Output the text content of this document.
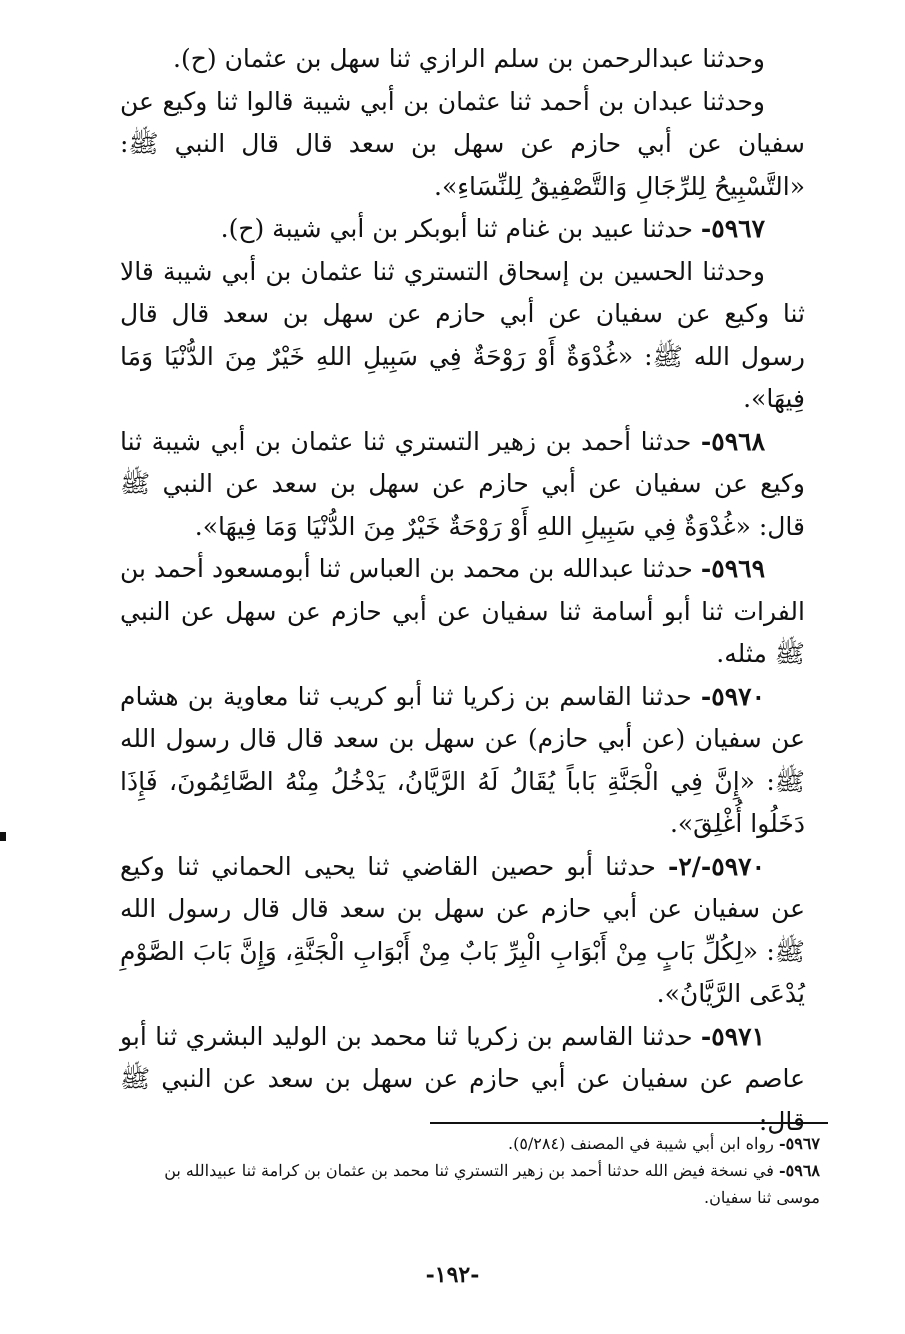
وحدثنا عبدالرحمن بن سلم الرازي ثنا سهل بن عثمان (ح).

وحدثنا عبدان بن أحمد ثنا عثمان بن أبي شيبة قالوا ثنا وكيع عن سفيان عن أبي حازم عن سهل بن سعد قال قال النبي ﷺ: «التَّسْبِيحُ لِلرِّجَالِ وَالتَّصْفِيقُ لِلنِّسَاءِ».

٥٩٦٧- حدثنا عبيد بن غنام ثنا أبوبكر بن أبي شيبة (ح).

وحدثنا الحسين بن إسحاق التستري ثنا عثمان بن أبي شيبة قالا ثنا وكيع عن سفيان عن أبي حازم عن سهل بن سعد قال قال رسول الله ﷺ: «غُدْوَةٌ أَوْ رَوْحَةٌ فِي سَبِيلِ اللهِ خَيْرٌ مِنَ الدُّنْيَا وَمَا فِيهَا».

٥٩٦٨- حدثنا أحمد بن زهير التستري ثنا عثمان بن أبي شيبة ثنا وكيع عن سفيان عن أبي حازم عن سهل بن سعد عن النبي ﷺ قال: «غُدْوَةٌ فِي سَبِيلِ اللهِ أَوْ رَوْحَةٌ خَيْرٌ مِنَ الدُّنْيَا وَمَا فِيهَا».

٥٩٦٩- حدثنا عبدالله بن محمد بن العباس ثنا أبومسعود أحمد بن الفرات ثنا أبو أسامة ثنا سفيان عن أبي حازم عن سهل عن النبي ﷺ مثله.

٥٩٧٠- حدثنا القاسم بن زكريا ثنا أبو كريب ثنا معاوية بن هشام عن سفيان (عن أبي حازم) عن سهل بن سعد قال قال رسول الله ﷺ: «إِنَّ فِي الْجَنَّةِ بَاباً يُقَالُ لَهُ الرَّيَّانُ، يَدْخُلُ مِنْهُ الصَّائِمُونَ، فَإِذَا دَخَلُوا أُغْلِقَ».

٥٩٧٠-/٢- حدثنا أبو حصين القاضي ثنا يحيى الحماني ثنا وكيع عن سفيان عن أبي حازم عن سهل بن سعد قال قال رسول الله ﷺ: «لِكُلِّ بَابٍ مِنْ أَبْوَابِ الْبِرِّ بَابٌ مِنْ أَبْوَابِ الْجَنَّةِ، وَإِنَّ بَابَ الصَّوْمِ يُدْعَى الرَّيَّانُ».

٥٩٧١- حدثنا القاسم بن زكريا ثنا محمد بن الوليد البشري ثنا أبو عاصم عن سفيان عن أبي حازم عن سهل بن سعد عن النبي ﷺ قال:

٥٩٦٧- رواه ابن أبي شيبة في المصنف (٥/٢٨٤).

٥٩٦٨- في نسخة فيض الله حدثنا أحمد بن زهير التستري ثنا محمد بن عثمان بن كرامة ثنا عبيدالله بن موسى ثنا سفيان.

-١٩٢-
